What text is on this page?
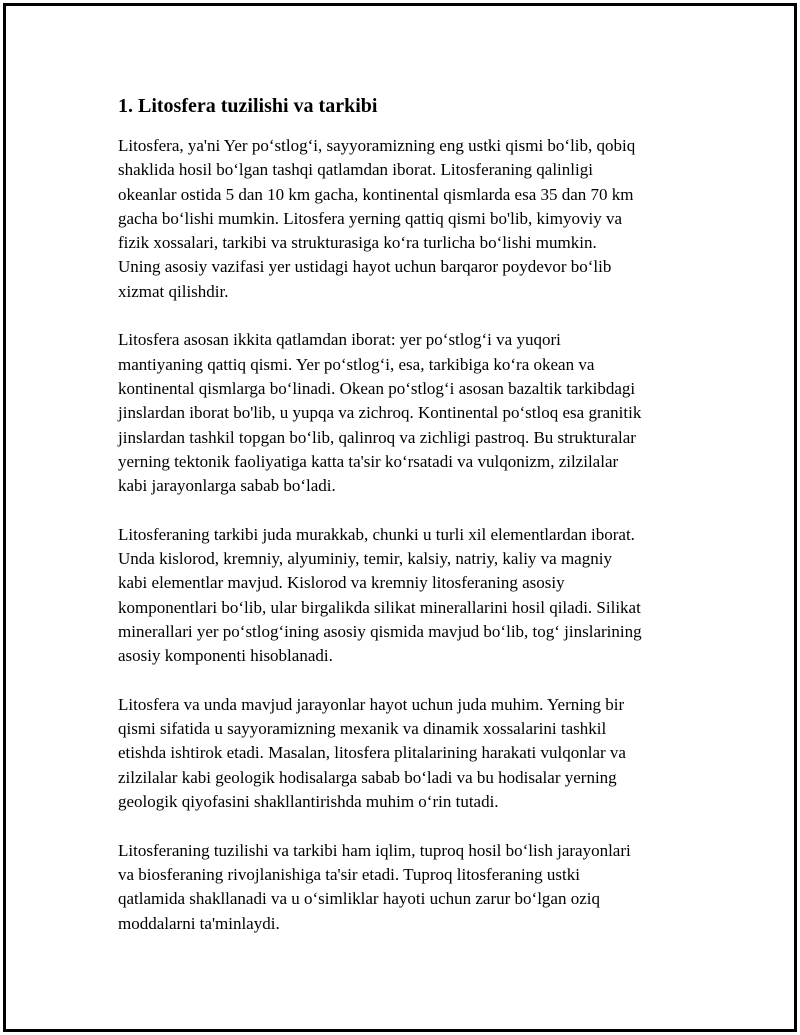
1. Litosfera tuzilishi va tarkibi

Litosfera, ya'ni Yer po‘stlog‘i, sayyoramizning eng ustki qismi bo‘lib, qobiq
shaklida hosil bo‘lgan tashqi qatlamdan iborat. Litosferaning qalinligi
okeanlar ostida 5 dan 10 km gacha, kontinental qismlarda esa 35 dan 70 km
gacha bo‘lishi mumkin. Litosfera yerning qattiq qismi bo'lib, kimyoviy va
fizik xossalari, tarkibi va strukturasiga ko‘ra turlicha bo‘lishi mumkin.
Uning asosiy vazifasi yer ustidagi hayot uchun barqaror poydevor bo‘lib
xizmat qilishdir.

Litosfera asosan ikkita qatlamdan iborat: yer po‘stlog‘i va yuqori
mantiyaning qattiq qismi. Yer po‘stlog‘i, esa, tarkibiga ko‘ra okean va
kontinental qismlarga bo‘linadi. Okean po‘stlog‘i asosan bazaltik tarkibdagi
jinslardan iborat bo'lib, u yupqa va zichroq. Kontinental po‘stloq esa granitik
jinslardan tashkil topgan bo‘lib, qalinroq va zichligi pastroq. Bu strukturalar
yerning tektonik faoliyatiga katta ta'sir ko‘rsatadi va vulqonizm, zilzilalar
kabi jarayonlarga sabab bo‘ladi.

Litosferaning tarkibi juda murakkab, chunki u turli xil elementlardan iborat.
Unda kislorod, kremniy, alyuminiy, temir, kalsiy, natriy, kaliy va magniy
kabi elementlar mavjud. Kislorod va kremniy litosferaning asosiy
komponentlari bo‘lib, ular birgalikda silikat minerallarini hosil qiladi. Silikat
minerallari yer po‘stlog‘ining asosiy qismida mavjud bo‘lib, tog‘ jinslarining
asosiy komponenti hisoblanadi.

Litosfera va unda mavjud jarayonlar hayot uchun juda muhim. Yerning bir
qismi sifatida u sayyoramizning mexanik va dinamik xossalarini tashkil
etishda ishtirok etadi. Masalan, litosfera plitalarining harakati vulqonlar va
zilzilalar kabi geologik hodisalarga sabab bo‘ladi va bu hodisalar yerning
geologik qiyofasini shakllantirishda muhim o‘rin tutadi.

Litosferaning tuzilishi va tarkibi ham iqlim, tuproq hosil bo‘lish jarayonlari
va biosferaning rivojlanishiga ta'sir etadi. Tuproq litosferaning ustki
qatlamida shakllanadi va u o‘simliklar hayoti uchun zarur bo‘lgan oziq
moddalarni ta'minlaydi.
